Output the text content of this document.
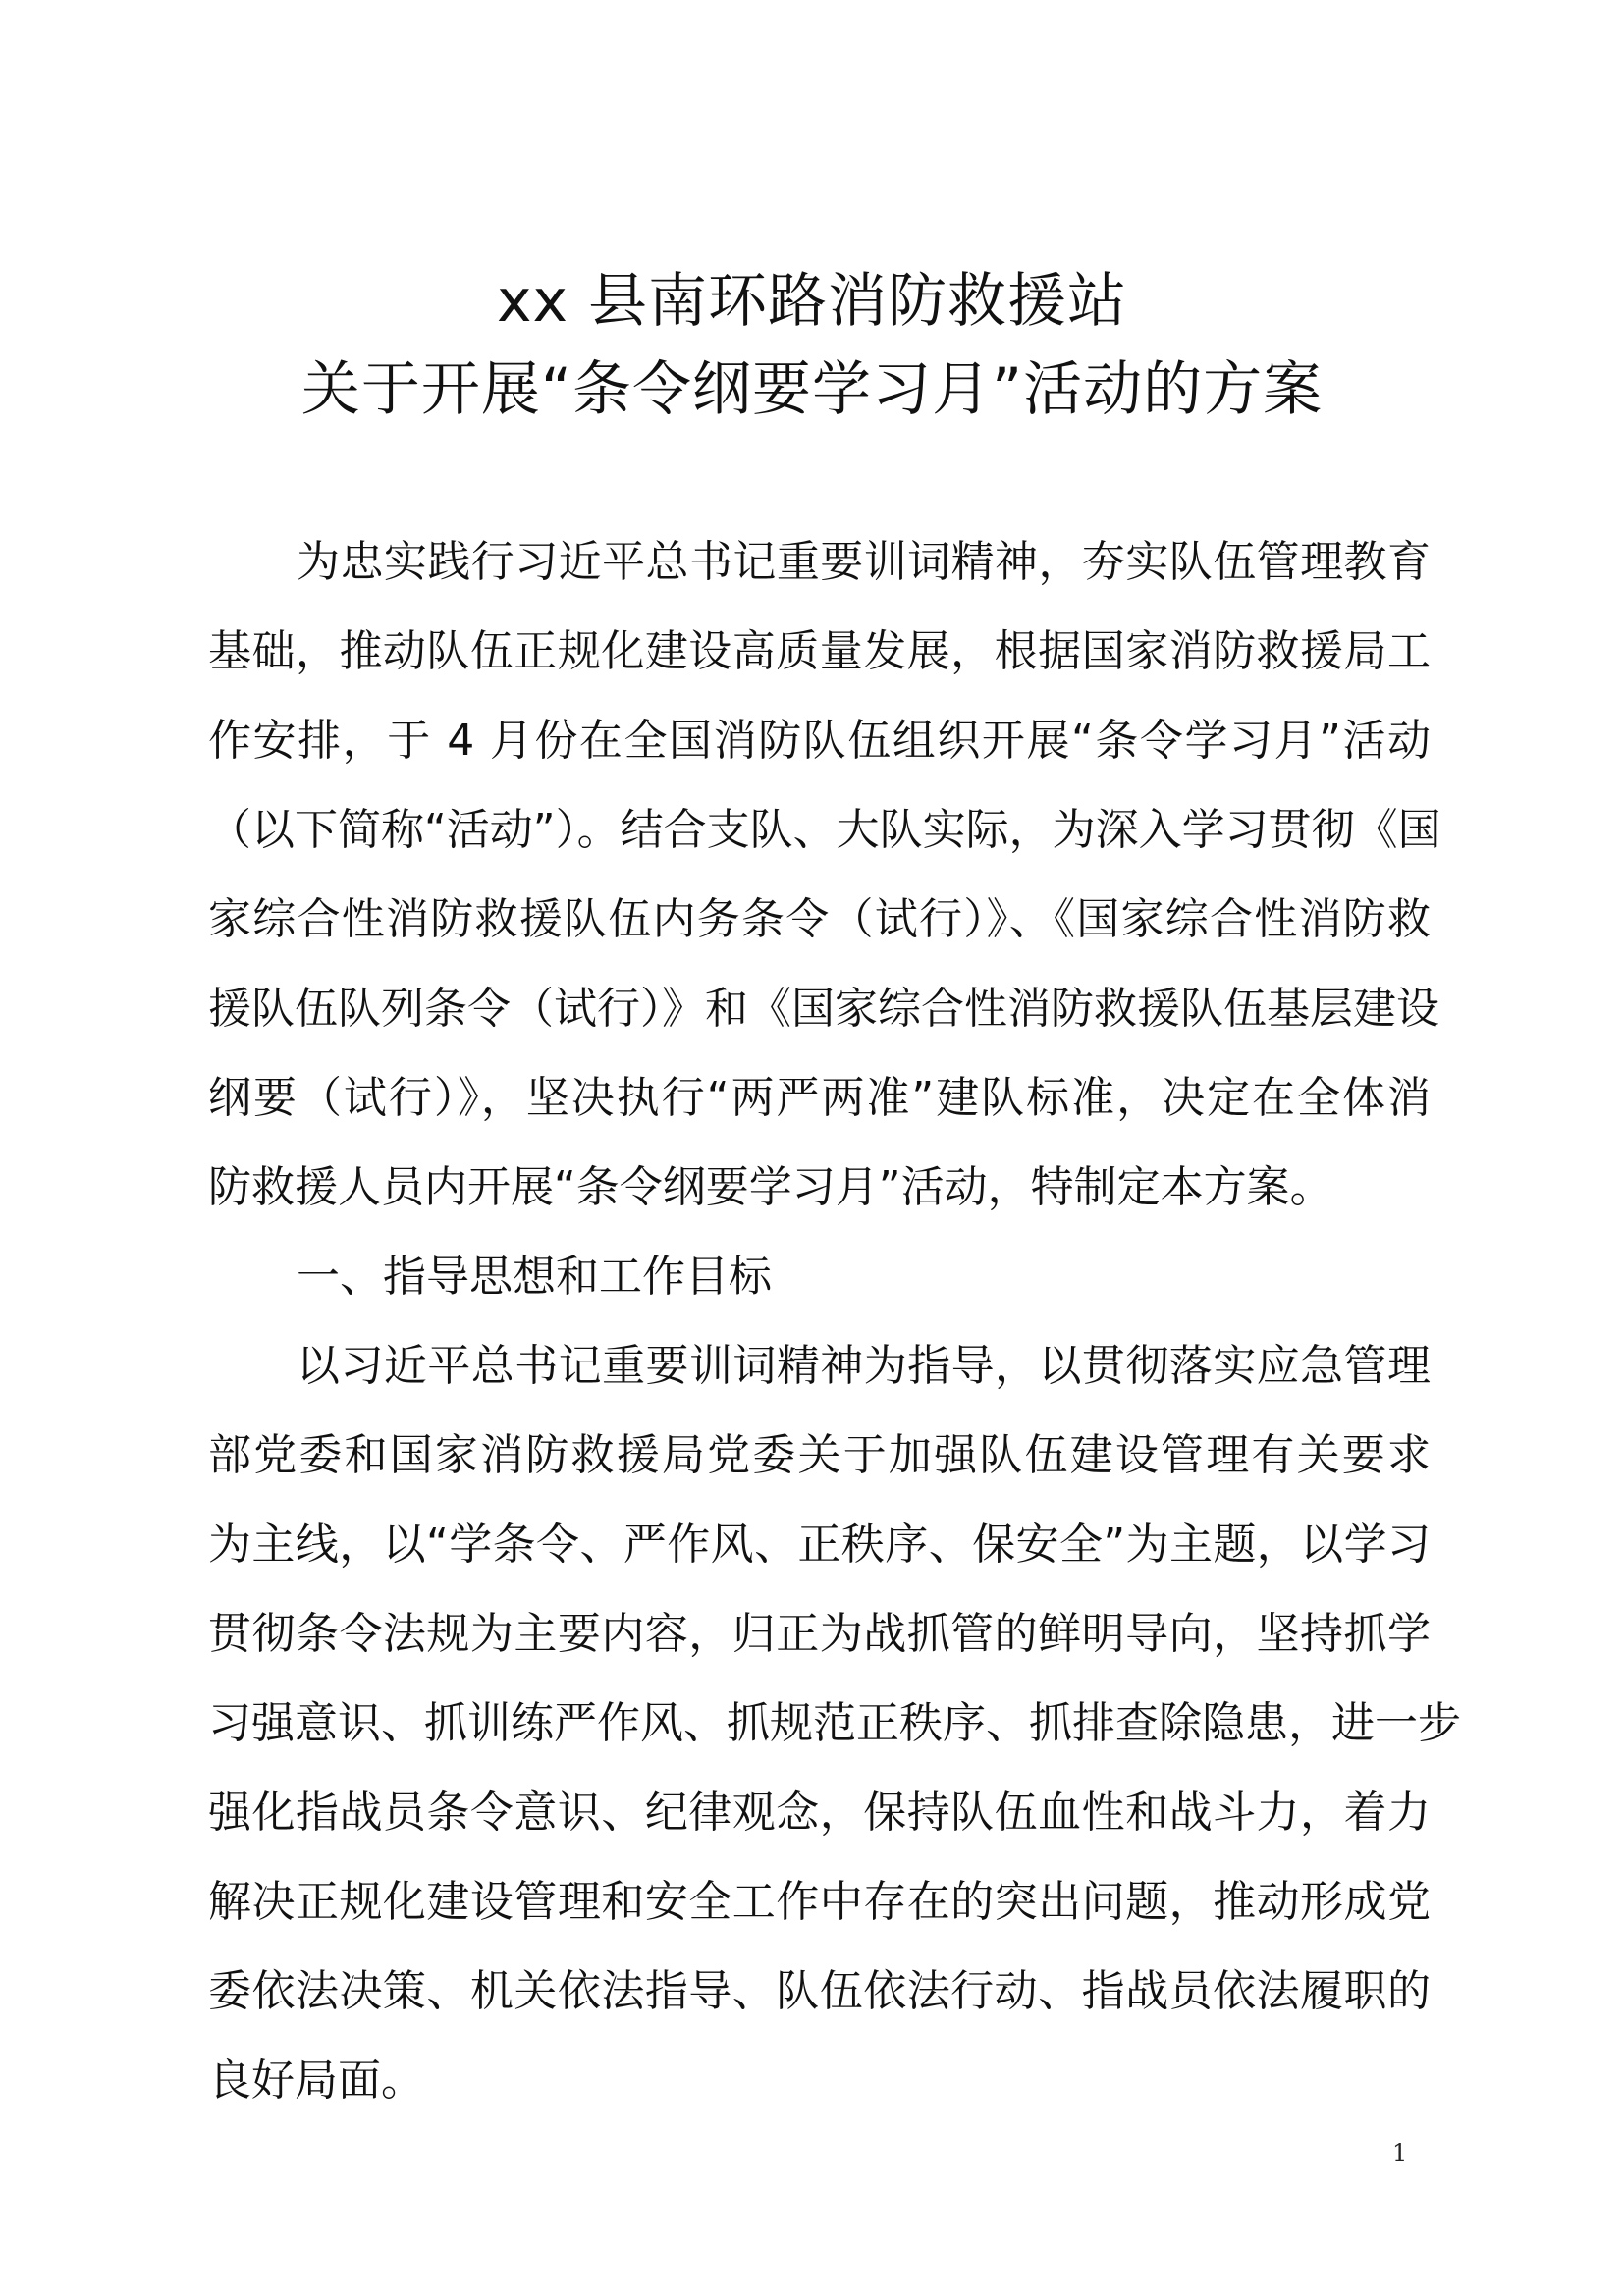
xx 县南环路消防救援站
关于开展“条令纲要学习月”活动的方案
为忠实践行习近平总书记重要训词精神，夯实队伍管理教育
基础，推动队伍正规化建设高质量发展，根据国家消防救援局工
作安排，于 4 月份在全国消防队伍组织开展“条令学习月”活动
（以下简称“活动”）。结合支队、大队实际，为深入学习贯彻《国
家综合性消防救援队伍内务条令（试行）》、《国家综合性消防救
援队伍队列条令（试行）》和《国家综合性消防救援队伍基层建设
纲要（试行）》，坚决执行“两严两准”建队标准，决定在全体消
防救援人员内开展“条令纲要学习月”活动，特制定本方案。
一、指导思想和工作目标
以习近平总书记重要训词精神为指导，以贯彻落实应急管理
部党委和国家消防救援局党委关于加强队伍建设管理有关要求
为主线，以“学条令、严作风、正秩序、保安全”为主题，以学习
贯彻条令法规为主要内容，归正为战抓管的鲜明导向，坚持抓学
习强意识、抓训练严作风、抓规范正秩序、抓排查除隐患，进一步
强化指战员条令意识、纪律观念，保持队伍血性和战斗力，着力
解决正规化建设管理和安全工作中存在的突出问题，推动形成党
委依法决策、机关依法指导、队伍依法行动、指战员依法履职的
良好局面。
1
